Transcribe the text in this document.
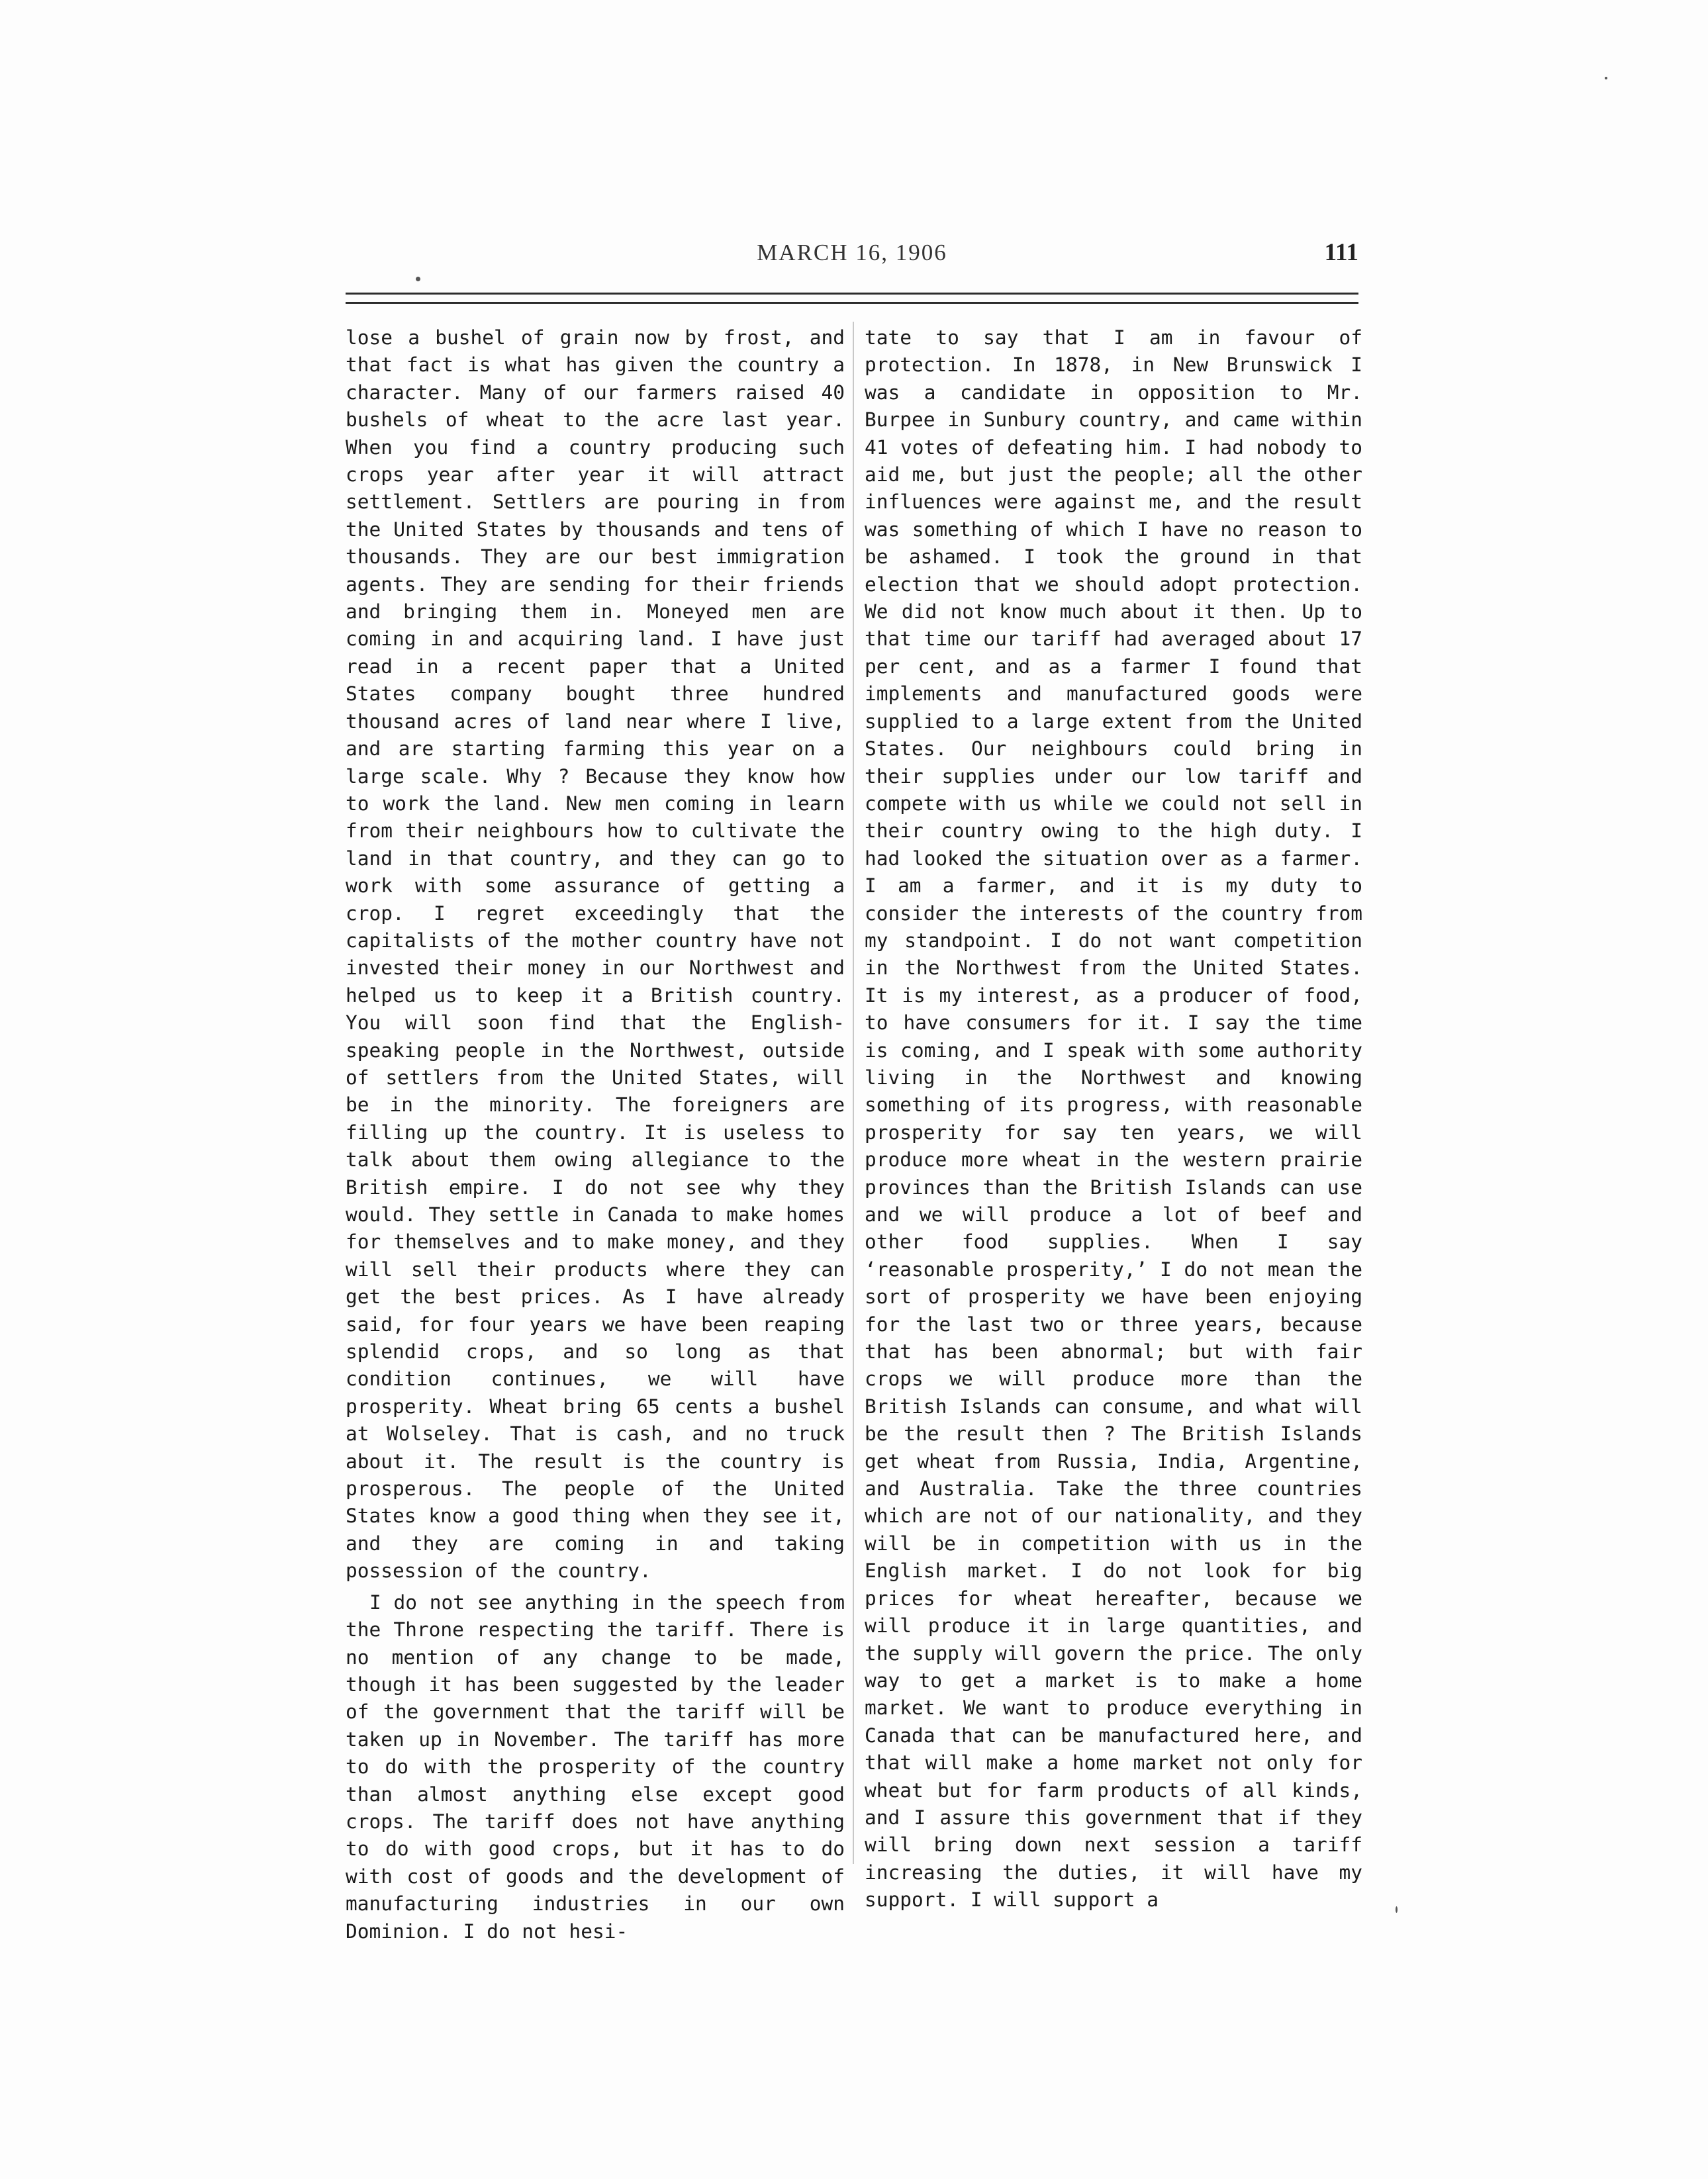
MARCH 16, 1906	111

lose a bushel of grain now by frost, and that fact is what has given the country a character. Many of our farmers raised 40 bushels of wheat to the acre last year. When you find a country producing such crops year after year it will attract settlement. Settlers are pouring in from the United States by thousands and tens of thousands. They are our best immigration agents. They are sending for their friends and bringing them in. Moneyed men are coming in and acquiring land. I have just read in a recent paper that a United States company bought three hundred thousand acres of land near where I live, and are starting farming this year on a large scale. Why ? Because they know how to work the land. New men coming in learn from their neighbours how to cultivate the land in that country, and they can go to work with some assurance of getting a crop. I regret exceedingly that the capitalists of the mother country have not invested their money in our Northwest and helped us to keep it a British country. You will soon find that the English-speaking people in the Northwest, outside of settlers from the United States, will be in the minority. The foreigners are filling up the country. It is useless to talk about them owing allegiance to the British empire. I do not see why they would. They settle in Canada to make homes for themselves and to make money, and they will sell their products where they can get the best prices. As I have already said, for four years we have been reaping splendid crops, and so long as that condition continues, we will have prosperity. Wheat bring 65 cents a bushel at Wolseley. That is cash, and no truck about it. The result is the country is prosperous. The people of the United States know a good thing when they see it, and they are coming in and taking possession of the country.

I do not see anything in the speech from the Throne respecting the tariff. There is no mention of any change to be made, though it has been suggested by the leader of the government that the tariff will be taken up in November. The tariff has more to do with the prosperity of the country than almost anything else except good crops. The tariff does not have anything to do with good crops, but it has to do with cost of goods and the development of manufacturing industries in our own Dominion. I do not hesi-

tate to say that I am in favour of protection. In 1878, in New Brunswick I was a candidate in opposition to Mr. Burpee in Sunbury country, and came within 41 votes of defeating him. I had nobody to aid me, but just the people; all the other influences were against me, and the result was something of which I have no reason to be ashamed. I took the ground in that election that we should adopt protection. We did not know much about it then. Up to that time our tariff had averaged about 17 per cent, and as a farmer I found that implements and manufactured goods were supplied to a large extent from the United States. Our neighbours could bring in their supplies under our low tariff and compete with us while we could not sell in their country owing to the high duty. I had looked the situation over as a farmer. I am a farmer, and it is my duty to consider the interests of the country from my standpoint. I do not want competition in the Northwest from the United States. It is my interest, as a producer of food, to have consumers for it. I say the time is coming, and I speak with some authority living in the Northwest and knowing something of its progress, with reasonable prosperity for say ten years, we will produce more wheat in the western prairie provinces than the British Islands can use and we will produce a lot of beef and other food supplies. When I say ‘reasonable prosperity,’ I do not mean the sort of prosperity we have been enjoying for the last two or three years, because that has been abnormal; but with fair crops we will produce more than the British Islands can consume, and what will be the result then ? The British Islands get wheat from Russia, India, Argentine, and Australia. Take the three countries which are not of our nationality, and they will be in competition with us in the English market. I do not look for big prices for wheat hereafter, because we will produce it in large quantities, and the supply will govern the price. The only way to get a market is to make a home market. We want to produce everything in Canada that can be manufactured here, and that will make a home market not only for wheat but for farm products of all kinds, and I assure this government that if they will bring down next session a tariff increasing the duties, it will have my support. I will support a
